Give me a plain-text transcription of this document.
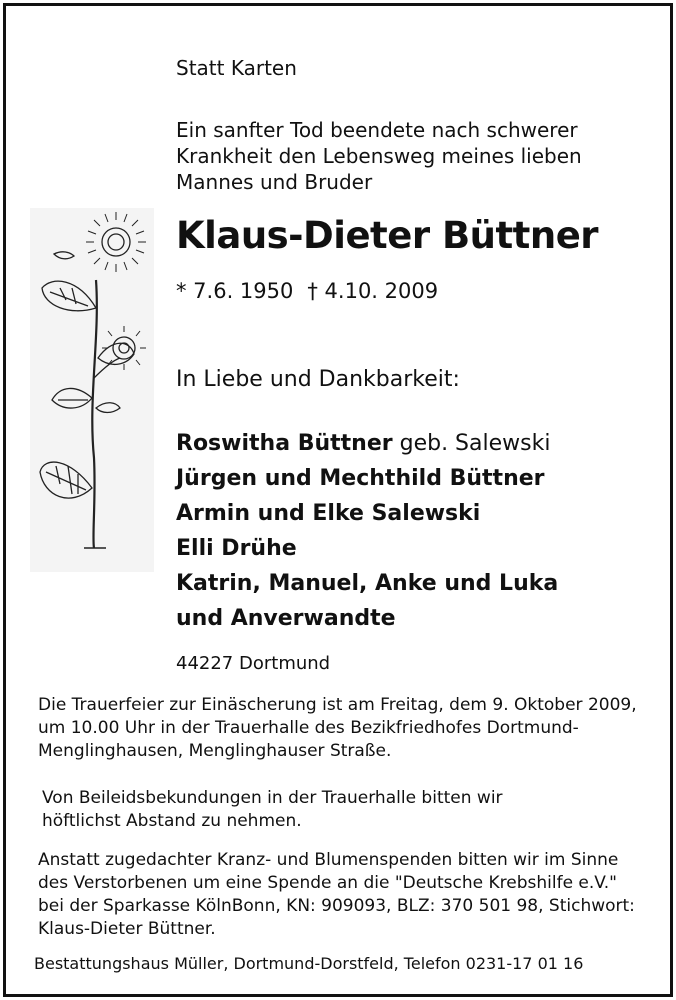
Statt Karten
Ein sanfter Tod beendete nach schwerer
Krankheit den Lebensweg meines lieben
Mannes und Bruder
Klaus-Dieter Büttner
* 7.6. 1950 † 4.10. 2009
In Liebe und Dankbarkeit:
Roswitha Büttner geb. Salewski
Jürgen und Mechthild Büttner
Armin und Elke Salewski
Elli Drühe
Katrin, Manuel, Anke und Luka
und Anverwandte
44227 Dortmund
Die Trauerfeier zur Einäscherung ist am Freitag, dem 9. Oktober 2009,
um 10.00 Uhr in der Trauerhalle des Bezikfriedhofes Dortmund-
Menglinghausen, Menglinghauser Straße.
Von Beileidsbekundungen in der Trauerhalle bitten wir
höftlichst Abstand zu nehmen.
Anstatt zugedachter Kranz- und Blumenspenden bitten wir im Sinne
des Verstorbenen um eine Spende an die "Deutsche Krebshilfe e.V."
bei der Sparkasse KölnBonn, KN: 909093, BLZ: 370 501 98, Stichwort:
Klaus-Dieter Büttner.
Bestattungshaus Müller, Dortmund-Dorstfeld, Telefon 0231-17 01 16
